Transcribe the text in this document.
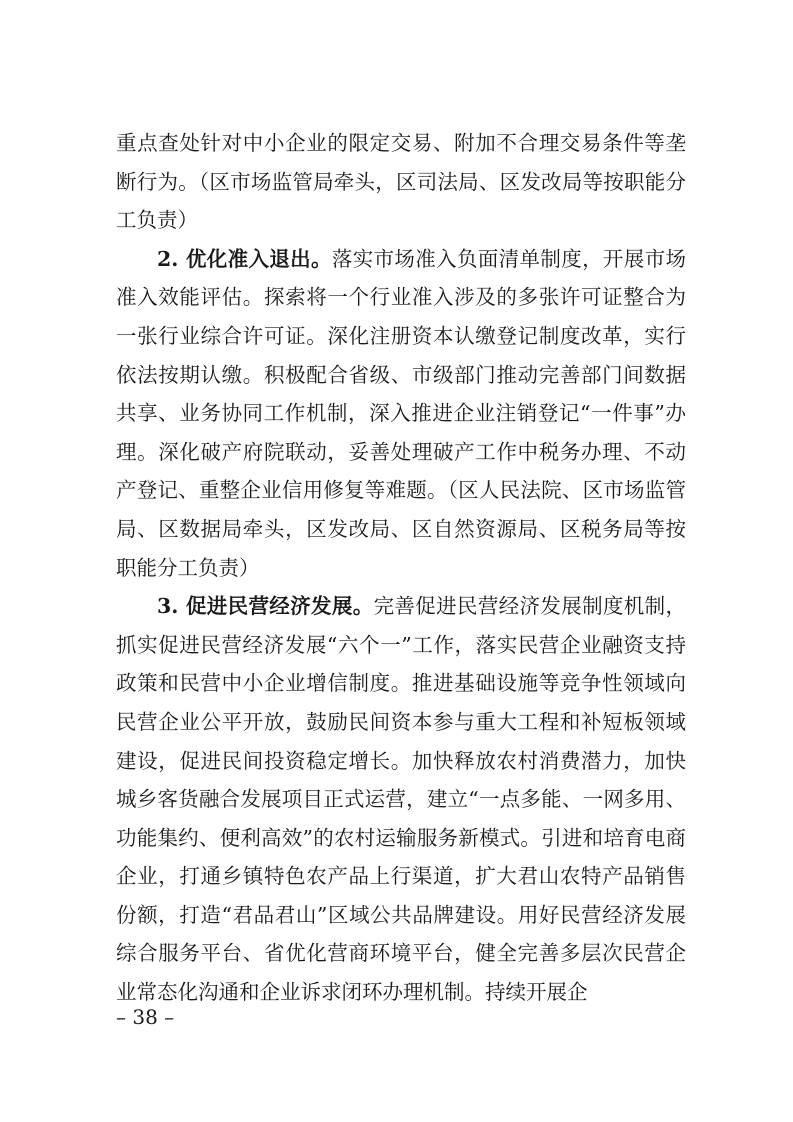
重点查处针对中小企业的限定交易、附加不合理交易条件等垄断行为。（区市场监管局牵头，区司法局、区发改局等按职能分工负责）

2. 优化准入退出。落实市场准入负面清单制度，开展市场准入效能评估。探索将一个行业准入涉及的多张许可证整合为一张行业综合许可证。深化注册资本认缴登记制度改革，实行依法按期认缴。积极配合省级、市级部门推动完善部门间数据共享、业务协同工作机制，深入推进企业注销登记“一件事”办理。深化破产府院联动，妥善处理破产工作中税务办理、不动产登记、重整企业信用修复等难题。（区人民法院、区市场监管局、区数据局牵头，区发改局、区自然资源局、区税务局等按职能分工负责）

3. 促进民营经济发展。完善促进民营经济发展制度机制，抓实促进民营经济发展“六个一”工作，落实民营企业融资支持政策和民营中小企业增信制度。推进基础设施等竞争性领域向民营企业公平开放，鼓励民间资本参与重大工程和补短板领域建设，促进民间投资稳定增长。加快释放农村消费潜力，加快城乡客货融合发展项目正式运营，建立“一点多能、一网多用、功能集约、便利高效”的农村运输服务新模式。引进和培育电商企业，打通乡镇特色农产品上行渠道，扩大君山农特产品销售份额，打造“君品君山”区域公共品牌建设。用好民营经济发展综合服务平台、省优化营商环境平台，健全完善多层次民营企业常态化沟通和企业诉求闭环办理机制。持续开展企

– 38 –
